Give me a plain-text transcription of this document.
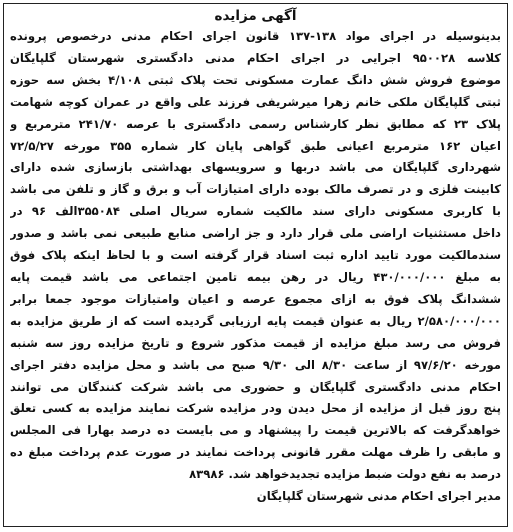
آگهی مزایده
بدینوسیله در اجرای مواد ۱۳۸-۱۳۷ قانون اجرای احکام مدنی درخصوص پرونده
کلاسه ۹۵۰۰۲۸ اجرایی در اجرای احکام مدنی دادگستری شهرستان گلپایگان
موضوع فروش شش دانگ عمارت مسکونی تحت پلاک ثبتی ۴/۱۰۸ بخش سه حوزه
ثبتی گلپایگان ملکی خانم زهرا میرشریفی فرزند علی واقع در عمران کوچه شهامت
پلاک ۲۳ که مطابق نظر کارشناس رسمی دادگستری با عرصه ۲۴۱/۷۰ مترمربع و
اعیان ۱۶۲ مترمربع اعیانی طبق گواهی پایان کار شماره ۳۵۵ مورخه ۷۲/۵/۲۷
شهرداری گلپایگان می باشد دربها و سرویسهای بهداشتی بازسازی شده دارای
کابینت فلزی و در تصرف مالک بوده دارای امتیازات آب و برق و گاز و تلفن می باشد
با کاربری مسکونی دارای سند مالکیت شماره سریال اصلی ۳۵۵۰۸۴الف ۹۶ در
داخل مستثنیات اراضی ملی قرار دارد و جز اراضی منابع طبیعی نمی باشد و صدور
سندمالکیت مورد تایید اداره ثبت اسناد قرار گرفته است و با لحاظ اینکه پلاک فوق
به مبلغ ۴۳۰/۰۰۰/۰۰۰ ریال در رهن بیمه تامین اجتماعی می باشد قیمت پایه
ششدانگ پلاک فوق به ازای مجموع عرصه و اعیان وامتیازات موجود جمعا برابر
۲/۵۸۰/۰۰۰/۰۰۰ ریال به عنوان قیمت پایه ارزیابی گردیده است که از طریق مزایده به
فروش می رسد مبلغ مزایده از قیمت مذکور شروع و تاریخ مزایده روز سه شنبه
مورخه ۹۷/۶/۲۰ از ساعت ۸/۳۰ الی ۹/۳۰ صبح می باشد و محل مزایده دفتر اجرای
احکام مدنی دادگستری گلپایگان و حضوری می باشد شرکت کنندگان می توانند
پنج روز قبل از مزایده از محل دیدن ودر مزایده شرکت نمایند مزایده به کسی تعلق
خواهدگرفت که بالاترین قیمت را پیشنهاد و می بایست ده درصد بهارا فی المجلس
و مابقی را ظرف مهلت مقرر قانونی پرداخت نمایند در صورت عدم پرداخت مبلغ ده
درصد به نفع دولت ضبط مزایده تجدیدخواهد شد. ۸۳۹۸۶
مدیر اجرای احکام مدنی شهرستان گلپایگان
